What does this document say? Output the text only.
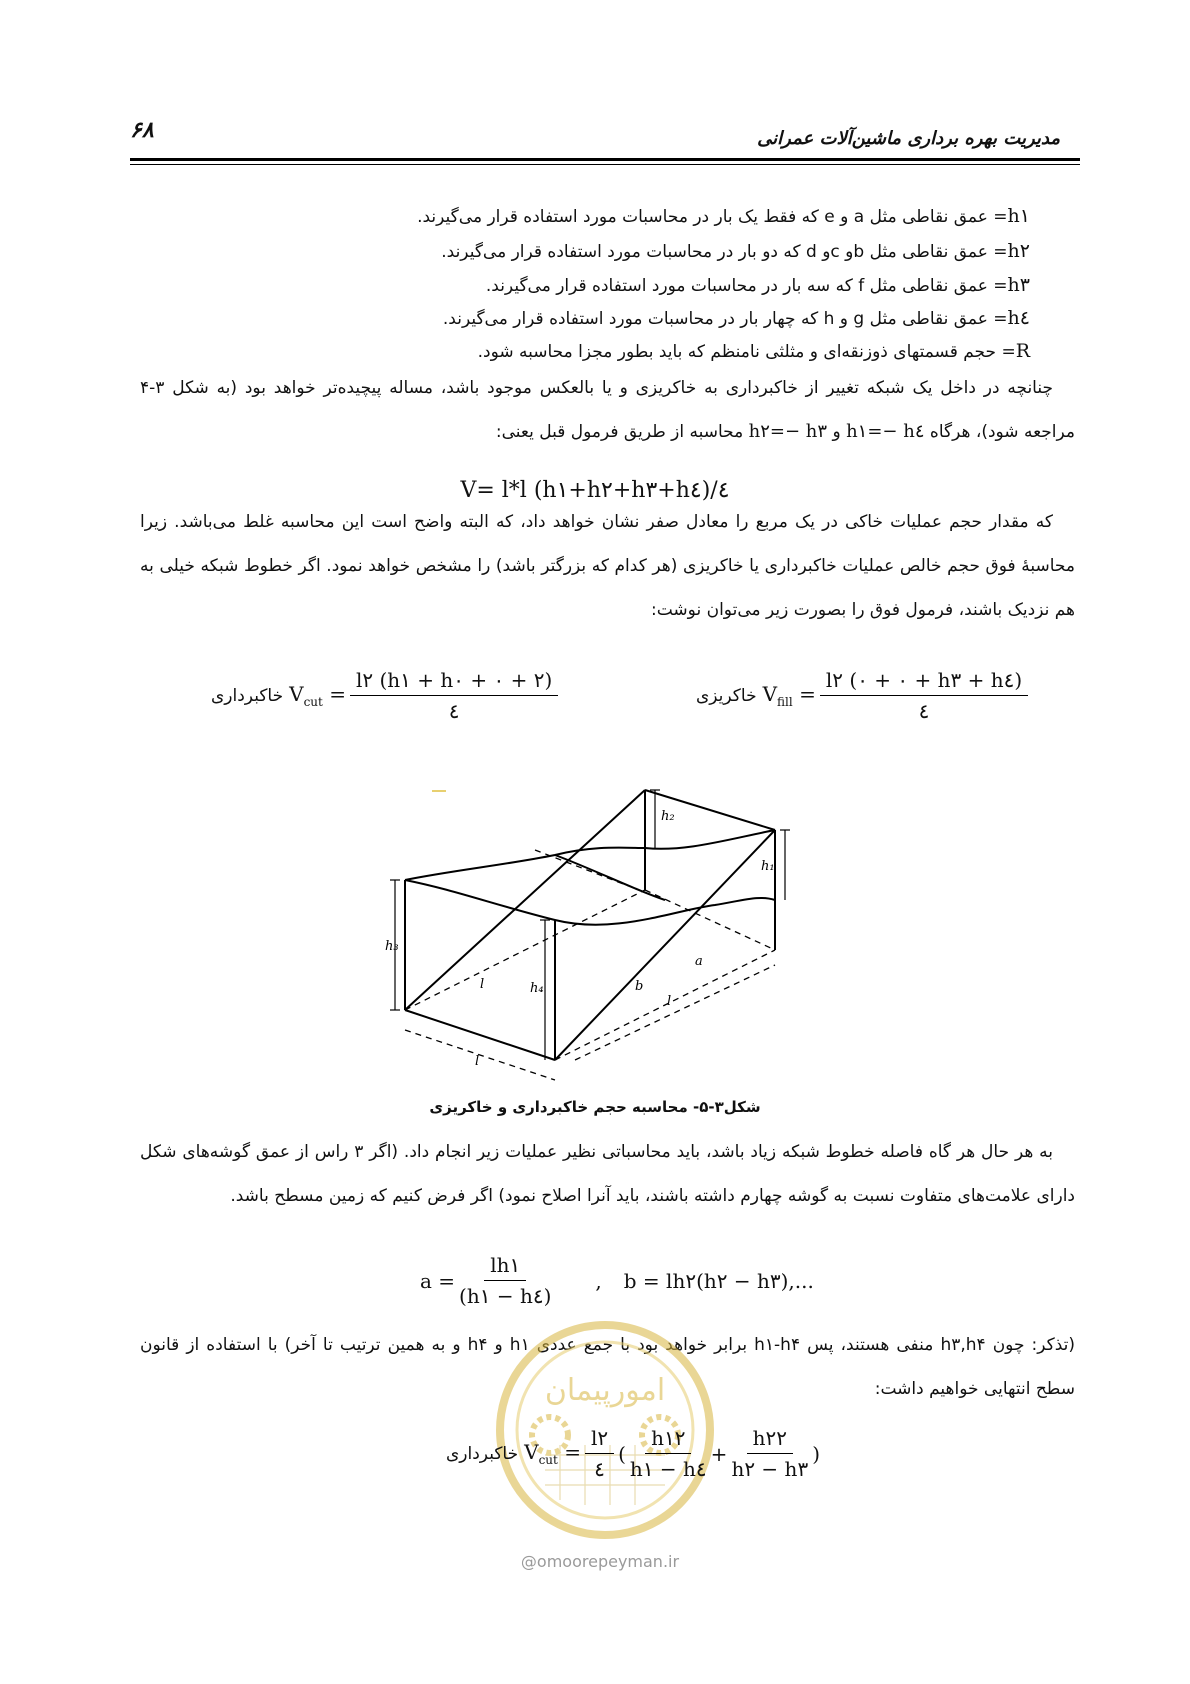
۶۸	مدیریت بهره برداری ماشین‌آلات عمرانی
h١= عمق نقاطی مثل a و e که فقط یک بار در محاسبات مورد استفاده قرار می‌گیرند.
h٢= عمق نقاطی مثل b‌و c‌و d که دو بار در محاسبات مورد استفاده قرار می‌گیرند.
h٣= عمق نقاطی مثل f که سه بار در محاسبات مورد استفاده قرار می‌گیرند.
h٤= عمق نقاطی مثل g و h که چهار بار در محاسبات مورد استفاده قرار می‌گیرند.
R= حجم قسمتهای ذوزنقه‌ای و مثلثی نامنظم که باید بطور مجزا محاسبه شود.
چنانچه در داخل یک شبکه تغییر از خاکبرداری به خاکریزی و یا بالعکس موجود باشد، مساله پیچیده‌تر خواهد بود (به شکل ۳-۴ مراجعه شود)، هرگاه h١=− h٤ و h٢=− h٣ محاسبه از طریق فرمول قبل یعنی:
V= l*l (h١+h٢+h٣+h٤)/٤
که مقدار حجم عملیات خاکی در یک مربع را معادل صفر نشان خواهد داد، که البته واضح است این محاسبه غلط می‌باشد. زیرا محاسبهٔ فوق حجم خالص عملیات خاکبرداری یا خاکریزی (هر کدام که بزرگتر باشد) را مشخص خواهد نمود. اگر خطوط شبکه خیلی به هم نزدیک باشند، فرمول فوق را بصورت زیر می‌توان نوشت:
خاکبرداری $V_{cut} = \frac{l٢ (h١ + h٢ + ٠ + ٠)}{٤}$	خاکریزی $V_{fill} = \frac{l٢ (٠ + ٠ + h٣ + h٤)}{٤}$
h₃
h₄
h₂
h₁
l	b
a
l
l
شکل۳-۵- محاسبه حجم خاکبرداری و خاکریزی
به هر حال هر گاه فاصله خطوط شبکه زیاد باشد، باید محاسباتی نظیر عملیات زیر انجام داد. (اگر ۳ راس از عمق گوشه‌های شکل دارای علامت‌های متفاوت نسبت به گوشه چهارم داشته باشند، باید آنرا اصلاح نمود) اگر فرض کنیم که زمین مسطح باشد.
$a = \frac{lh١}{(h١ - h٤)}$ , b = lh٢(h٢ − h٣),...
(تذکر: چون h۳,h۴ منفی هستند، پس h۱-h۴ برابر خواهد بود با جمع عددی h۱ و h۴ و به همین ترتیب تا آخر) با استفاده از قانون سطح انتهایی خواهیم داشت:
امورپیمان
@omoorepeyman.ir
خاکبرداری $V_{cut} = \frac{l٢}{٤}$ ( $\frac{h١٢}{h١ - h٤} + \frac{h٢٢}{h٢ - h٣}$ )
